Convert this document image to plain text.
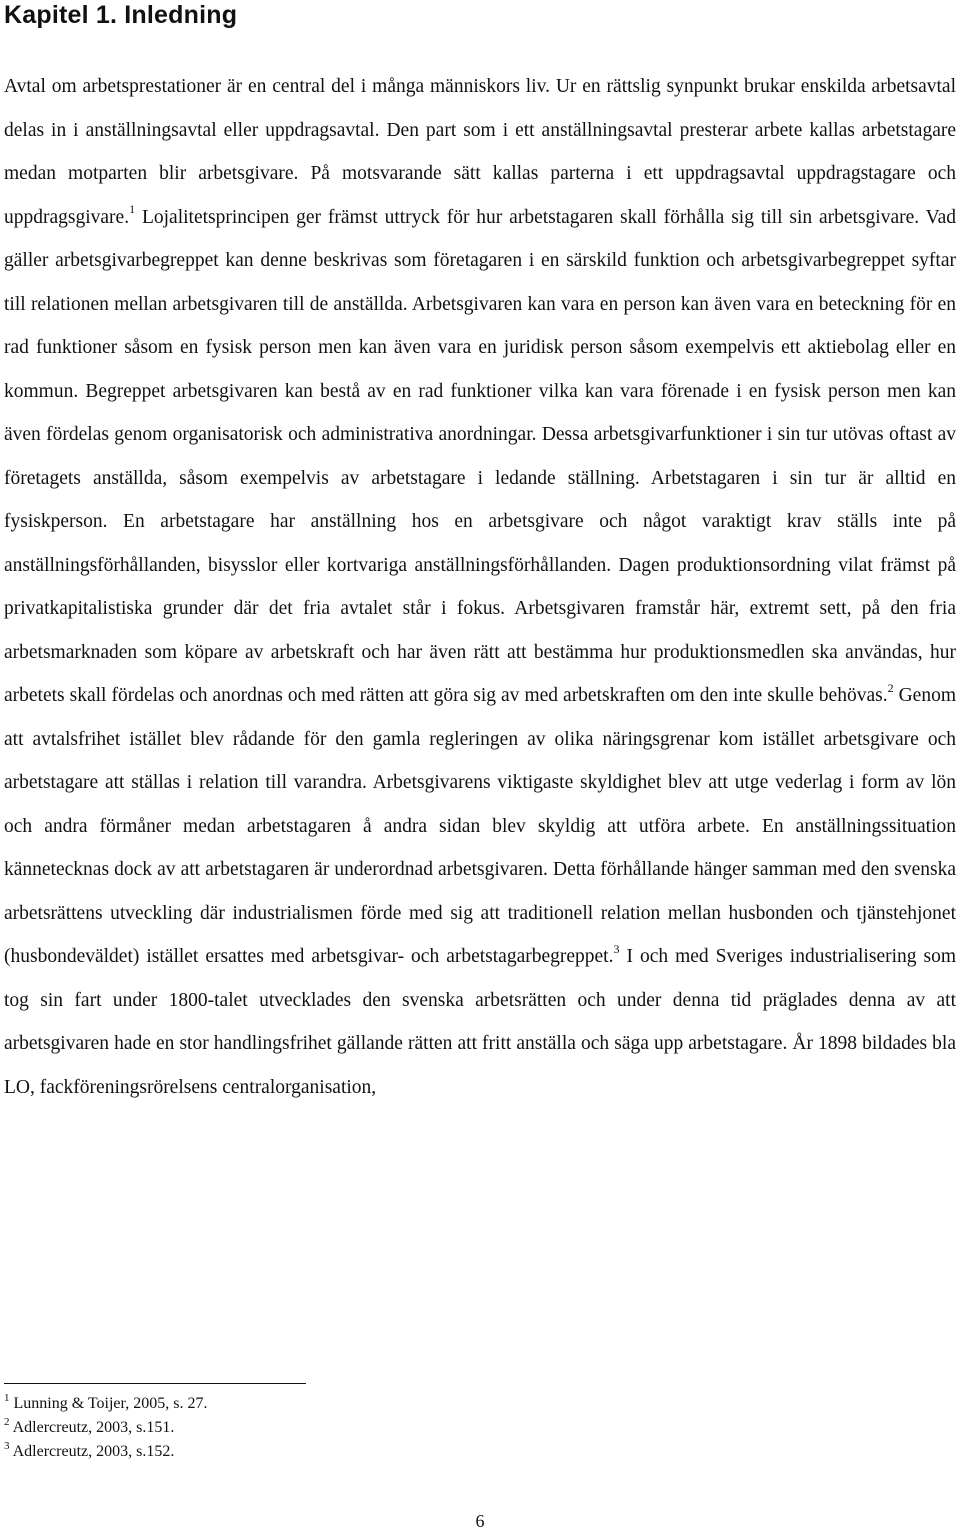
Kapitel 1. Inledning

Avtal om arbetsprestationer är en central del i många människors liv. Ur en rättslig synpunkt brukar enskilda arbetsavtal delas in i anställningsavtal eller uppdragsavtal. Den part som i ett anställningsavtal presterar arbete kallas arbetstagare medan motparten blir arbetsgivare. På motsvarande sätt kallas parterna i ett uppdragsavtal uppdragstagare och uppdragsgivare.$^1$ Lojalitetsprincipen ger främst uttryck för hur arbetstagaren skall förhålla sig till sin arbetsgivare. Vad gäller arbetsgivarbegreppet kan denne beskrivas som företagaren i en särskild funktion och arbetsgivarbegreppet syftar till relationen mellan arbetsgivaren till de anställda. Arbetsgivaren kan vara en person kan även vara en beteckning för en rad funktioner såsom en fysisk person men kan även vara en juridisk person såsom exempelvis ett aktiebolag eller en kommun. Begreppet arbetsgivaren kan bestå av en rad funktioner vilka kan vara förenade i en fysisk person men kan även fördelas genom organisatorisk och administrativa anordningar. Dessa arbetsgivarfunktioner i sin tur utövas oftast av företagets anställda, såsom exempelvis av arbetstagare i ledande ställning. Arbetstagaren i sin tur är alltid en fysiskperson. En arbetstagare har anställning hos en arbetsgivare och något varaktigt krav ställs inte på anställningsförhållanden, bisysslor eller kortvariga anställningsförhållanden. Dagen produktionsordning vilat främst på privatkapitalistiska grunder där det fria avtalet står i fokus. Arbetsgivaren framstår här, extremt sett, på den fria arbetsmarknaden som köpare av arbetskraft och har även rätt att bestämma hur produktionsmedlen ska användas, hur arbetets skall fördelas och anordnas och med rätten att göra sig av med arbetskraften om den inte skulle behövas.$^2$ Genom att avtalsfrihet istället blev rådande för den gamla regleringen av olika näringsgrenar kom istället arbetsgivare och arbetstagare att ställas i relation till varandra. Arbetsgivarens viktigaste skyldighet blev att utge vederlag i form av lön och andra förmåner medan arbetstagaren å andra sidan blev skyldig att utföra arbete. En anställningssituation kännetecknas dock av att arbetstagaren är underordnad arbetsgivaren. Detta förhållande hänger samman med den svenska arbetsrättens utveckling där industrialismen förde med sig att traditionell relation mellan husbonden och tjänstehjonet (husbondeväldet) istället ersattes med arbetsgivar- och arbetstagarbegreppet.$^3$ I och med Sveriges industrialisering som tog sin fart under 1800-talet utvecklades den svenska arbetsrätten och under denna tid präglades denna av att arbetsgivaren hade en stor handlingsfrihet gällande rätten att fritt anställa och säga upp arbetstagare. År 1898 bildades bla LO, fackföreningsrörelsens centralorganisation,

$^1$ Lunning & Toijer, 2005, s. 27.
$^2$ Adlercreutz, 2003, s.151.
$^3$ Adlercreutz, 2003, s.152.
6
